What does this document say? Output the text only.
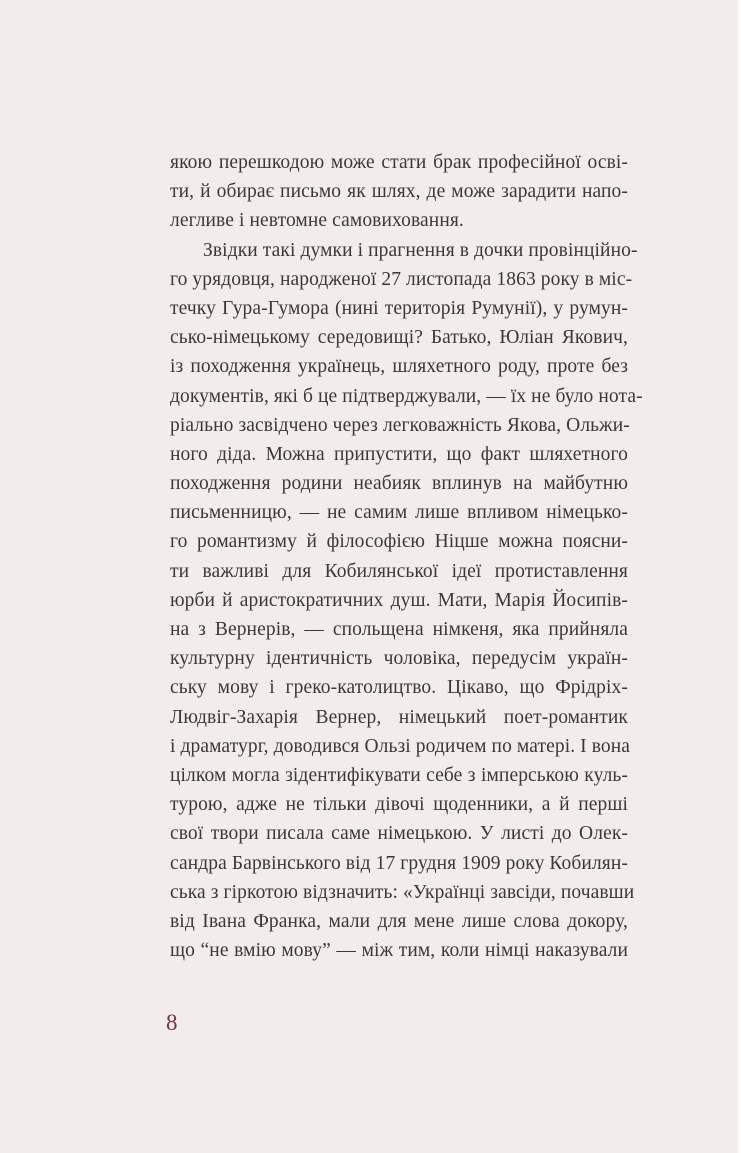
якою перешкодою може стати брак професійної осві-
ти, й обирає письмо як шлях, де може зарадити напо-
легливе і невтомне самовиховання.
Звідки такі думки і прагнення в дочки провінційно-
го урядовця, народженої 27 листопада 1863 року в міс-
течку Гура-Гумора (нині територія Румунії), у румун-
сько-німецькому середовищі? Батько, Юліан Якович,
із походження українець, шляхетного роду, проте без
документів, які б це підтверджували, — їх не було нота-
ріально засвідчено через легковажність Якова, Ольжи-
ного діда. Можна припустити, що факт шляхетного
походження родини неабияк вплинув на майбутню
письменницю, — не самим лише впливом німецько-
го романтизму й філософією Ніцше можна поясни-
ти важливі для Кобилянської ідеї протиставлення
юрби й аристократичних душ. Мати, Марія Йосипів-
на з Вернерів, — спольщена німкеня, яка прийняла
культурну ідентичність чоловіка, передусім україн-
ську мову і греко-католицтво. Цікаво, що Фрідріх-
Людвіг-Захарія Вернер, німецький поет-романтик
і драматург, доводився Ользі родичем по матері. І вона
цілком могла зідентифікувати себе з імперською куль-
турою, адже не тільки дівочі щоденники, а й перші
свої твори писала саме німецькою. У листі до Олек-
сандра Барвінського від 17 грудня 1909 року Кобилян-
ська з гіркотою відзначить: «Українці завсіди, почавши
від Івана Франка, мали для мене лише слова докору,
що “не вмію мову” — між тим, коли німці наказували
8
